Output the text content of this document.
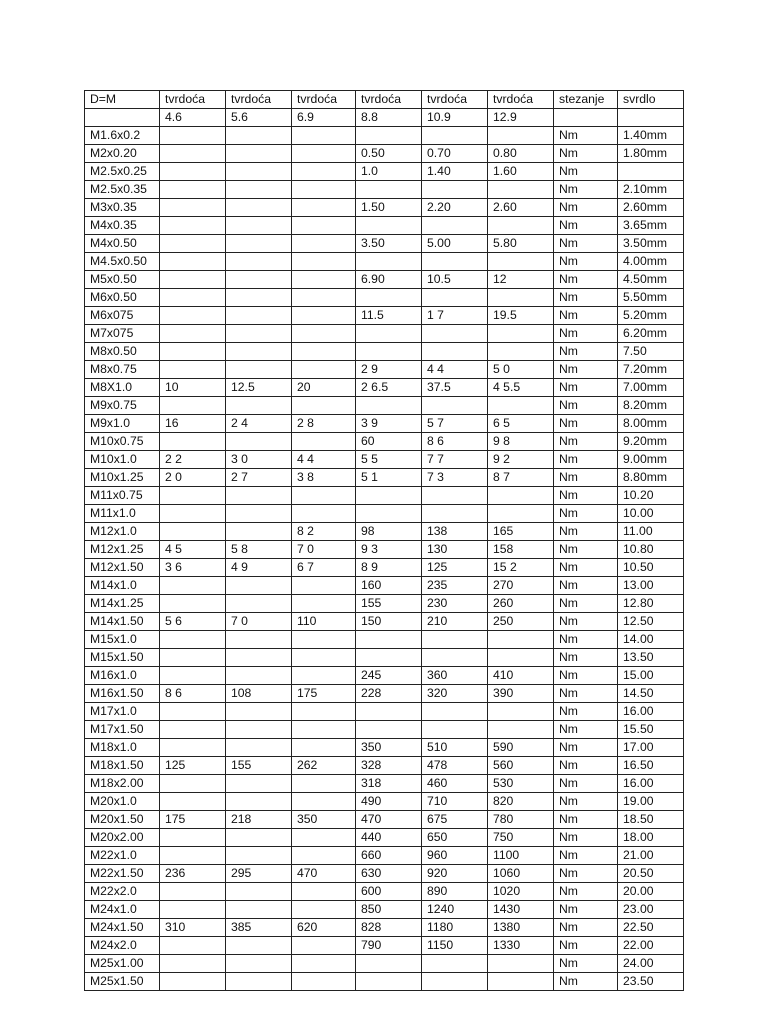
D=M	tvrdoća	tvrdoća	tvrdoća	tvrdoća	tvrdoća	tvrdoća	stezanje	svrdlo
	4.6	5.6	6.9	8.8	10.9	12.9		
M1.6x0.2							Nm	1.40mm
M2x0.20				0.50	0.70	0.80	Nm	1.80mm
M2.5x0.25				1.0	1.40	1.60	Nm	
M2.5x0.35							Nm	2.10mm
M3x0.35				1.50	2.20	2.60	Nm	2.60mm
M4x0.35							Nm	3.65mm
M4x0.50				3.50	5.00	5.80	Nm	3.50mm
M4.5x0.50							Nm	4.00mm
M5x0.50				6.90	10.5	12	Nm	4.50mm
M6x0.50							Nm	5.50mm
M6x075				11.5	1 7	19.5	Nm	5.20mm
M7x075							Nm	6.20mm
M8x0.50							Nm	7.50
M8x0.75				2 9	4 4	5 0	Nm	7.20mm
M8X1.0	10	12.5	20	2 6.5	37.5	4 5.5	Nm	7.00mm
M9x0.75							Nm	8.20mm
M9x1.0	16	2 4	2 8	3 9	5 7	6 5	Nm	8.00mm
M10x0.75				60	8 6	9 8	Nm	9.20mm
M10x1.0	2 2	3 0	4 4	5 5	7 7	9 2	Nm	9.00mm
M10x1.25	2 0	2 7	3 8	5 1	7 3	8 7	Nm	8.80mm
M11x0.75							Nm	10.20
M11x1.0							Nm	10.00
M12x1.0			8 2	98	138	165	Nm	11.00
M12x1.25	4 5	5 8	7 0	9 3	130	158	Nm	10.80
M12x1.50	3 6	4 9	6 7	8 9	125	15 2	Nm	10.50
M14x1.0				160	235	270	Nm	13.00
M14x1.25				155	230	260	Nm	12.80
M14x1.50	5 6	7 0	110	150	210	250	Nm	12.50
M15x1.0							Nm	14.00
M15x1.50							Nm	13.50
M16x1.0				245	360	410	Nm	15.00
M16x1.50	8 6	108	175	228	320	390	Nm	14.50
M17x1.0							Nm	16.00
M17x1.50							Nm	15.50
M18x1.0				350	510	590	Nm	17.00
M18x1.50	125	155	262	328	478	560	Nm	16.50
M18x2.00				318	460	530	Nm	16.00
M20x1.0				490	710	820	Nm	19.00
M20x1.50	175	218	350	470	675	780	Nm	18.50
M20x2.00				440	650	750	Nm	18.00
M22x1.0				660	960	1100	Nm	21.00
M22x1.50	236	295	470	630	920	1060	Nm	20.50
M22x2.0				600	890	1020	Nm	20.00
M24x1.0				850	1240	1430	Nm	23.00
M24x1.50	310	385	620	828	1180	1380	Nm	22.50
M24x2.0				790	1150	1330	Nm	22.00
M25x1.00							Nm	24.00
M25x1.50							Nm	23.50
